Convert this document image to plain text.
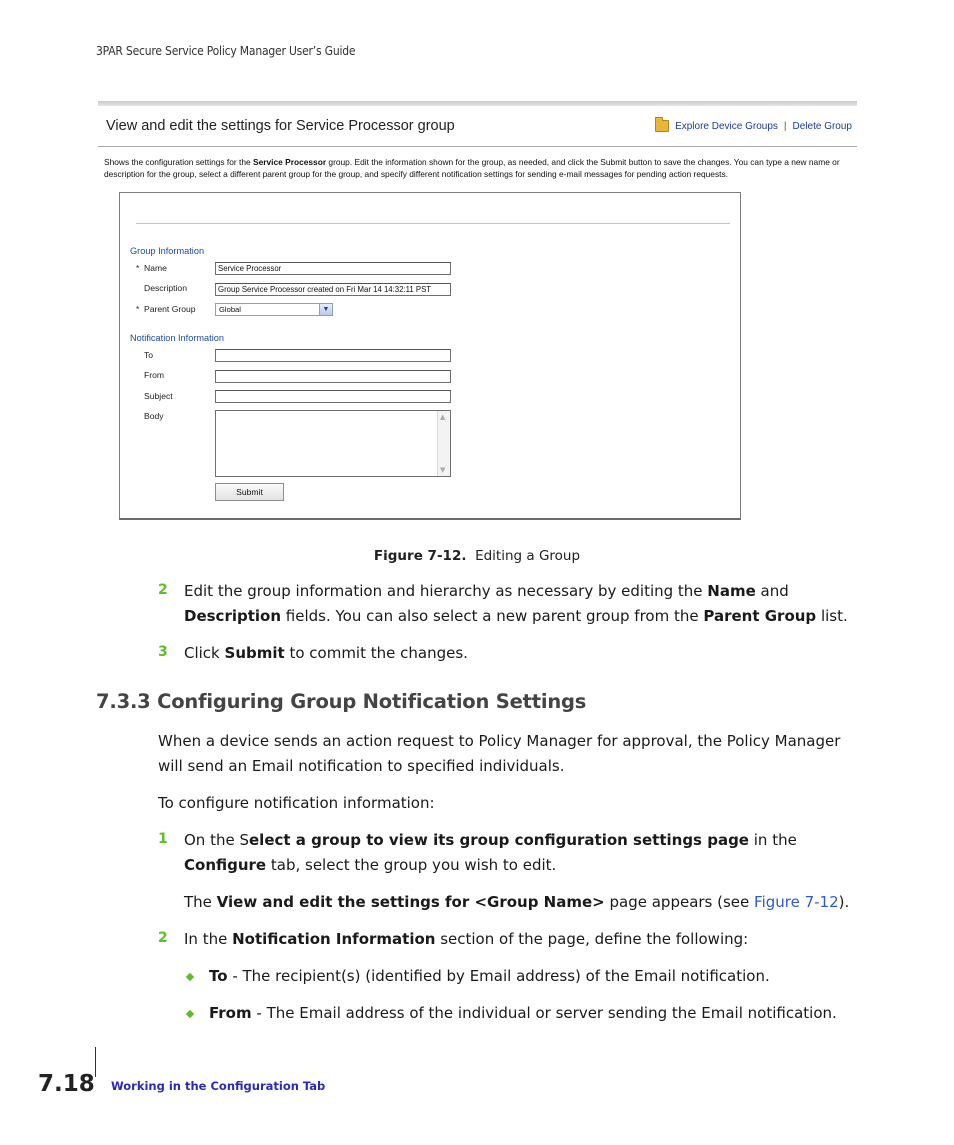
3PAR Secure Service Policy Manager User’s Guide
View and edit the settings for Service Processor group	Explore Device Groups | Delete Group
Shows the configuration settings for the Service Processor group. Edit the information shown for the group, as needed, and click the Submit button to save the changes. You can type a new name or description for the group, select a different parent group for the group, and specify different notification settings for sending e-mail messages for pending action requests.
Group Information
* Name	Service Processor
Description	Group Service Processor created on Fri Mar 14 14:32:11 PST
* Parent Group	Global	▼
Notification Information
To
From
Subject
Body	▲
▼
Submit
Figure 7-12. Editing a Group
2 Edit the group information and hierarchy as necessary by editing the Name and
Description fields. You can also select a new parent group from the Parent Group list.
3 Click Submit to commit the changes.
7.3.3 Configuring Group Notification Settings
When a device sends an action request to Policy Manager for approval, the Policy Manager will send an Email notification to specified individuals.
To configure notification information:
1 On the Select a group to view its group configuration settings page in the
Configure tab, select the group you wish to edit.
The View and edit the settings for <Group Name> page appears (see Figure 7-12).
2 In the Notification Information section of the page, define the following:
To - The recipient(s) (identified by Email address) of the Email notification.
From - The Email address of the individual or server sending the Email notification.
7.18 Working in the Configuration Tab
